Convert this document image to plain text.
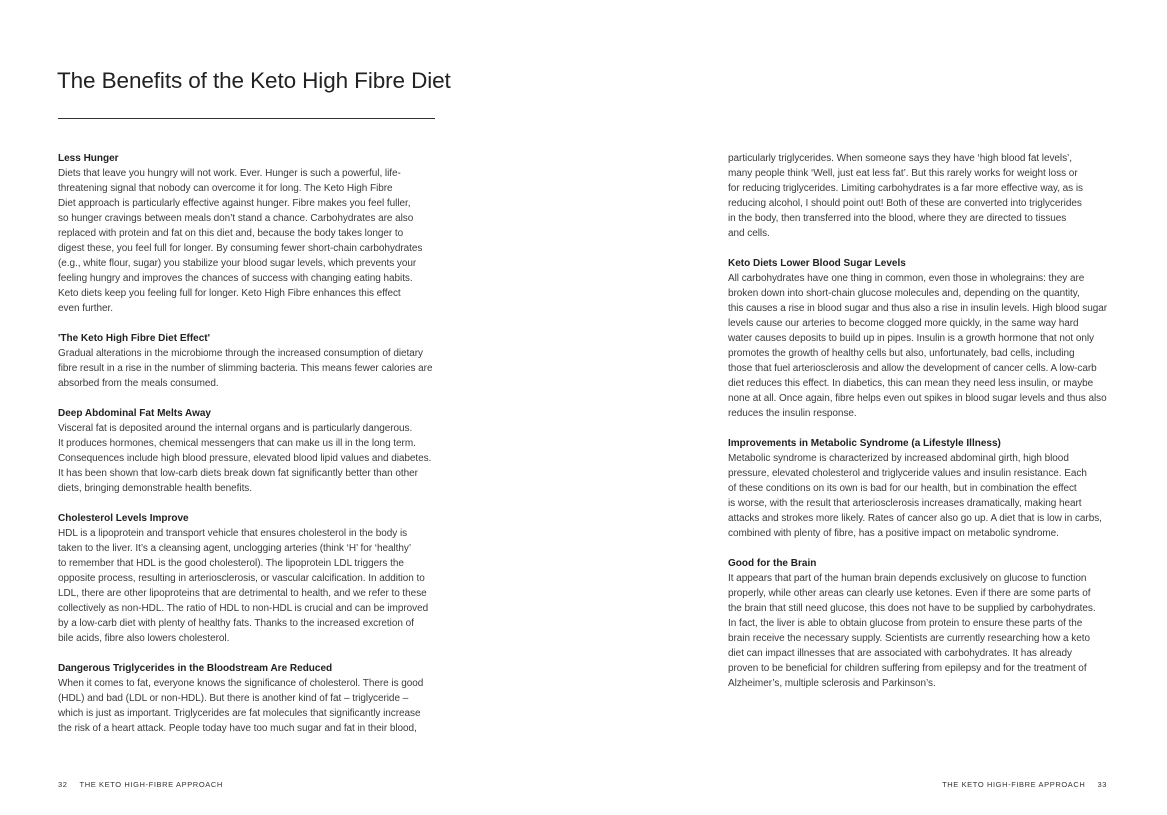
The Benefits of the Keto High Fibre Diet
Less Hunger
Diets that leave you hungry will not work. Ever. Hunger is such a powerful, life-
threatening signal that nobody can overcome it for long. The Keto High Fibre
Diet approach is particularly effective against hunger. Fibre makes you feel fuller,
so hunger cravings between meals don’t stand a chance. Carbohydrates are also
replaced with protein and fat on this diet and, because the body takes longer to
digest these, you feel full for longer. By consuming fewer short-chain carbohydrates
(e.g., white flour, sugar) you stabilize your blood sugar levels, which prevents your
feeling hungry and improves the chances of success with changing eating habits.
Keto diets keep you feeling full for longer. Keto High Fibre enhances this effect
even further.
'The Keto High Fibre Diet Effect'
Gradual alterations in the microbiome through the increased consumption of dietary
fibre result in a rise in the number of slimming bacteria. This means fewer calories are
absorbed from the meals consumed.
Deep Abdominal Fat Melts Away
Visceral fat is deposited around the internal organs and is particularly dangerous.
It produces hormones, chemical messengers that can make us ill in the long term.
Consequences include high blood pressure, elevated blood lipid values and diabetes.
It has been shown that low-carb diets break down fat significantly better than other
diets, bringing demonstrable health benefits.
Cholesterol Levels Improve
HDL is a lipoprotein and transport vehicle that ensures cholesterol in the body is
taken to the liver. It’s a cleansing agent, unclogging arteries (think ‘H’ for ‘healthy’
to remember that HDL is the good cholesterol). The lipoprotein LDL triggers the
opposite process, resulting in arteriosclerosis, or vascular calcification. In addition to
LDL, there are other lipoproteins that are detrimental to health, and we refer to these
collectively as non-HDL. The ratio of HDL to non-HDL is crucial and can be improved
by a low-carb diet with plenty of healthy fats. Thanks to the increased excretion of
bile acids, fibre also lowers cholesterol.
Dangerous Triglycerides in the Bloodstream Are Reduced
When it comes to fat, everyone knows the significance of cholesterol. There is good
(HDL) and bad (LDL or non-HDL). But there is another kind of fat – triglyceride –
which is just as important. Triglycerides are fat molecules that significantly increase
the risk of a heart attack. People today have too much sugar and fat in their blood,
particularly triglycerides. When someone says they have ‘high blood fat levels’,
many people think ‘Well, just eat less fat’. But this rarely works for weight loss or
for reducing triglycerides. Limiting carbohydrates is a far more effective way, as is
reducing alcohol, I should point out! Both of these are converted into triglycerides
in the body, then transferred into the blood, where they are directed to tissues
and cells.
Keto Diets Lower Blood Sugar Levels
All carbohydrates have one thing in common, even those in wholegrains: they are
broken down into short-chain glucose molecules and, depending on the quantity,
this causes a rise in blood sugar and thus also a rise in insulin levels. High blood sugar
levels cause our arteries to become clogged more quickly, in the same way hard
water causes deposits to build up in pipes. Insulin is a growth hormone that not only
promotes the growth of healthy cells but also, unfortunately, bad cells, including
those that fuel arteriosclerosis and allow the development of cancer cells. A low-carb
diet reduces this effect. In diabetics, this can mean they need less insulin, or maybe
none at all. Once again, fibre helps even out spikes in blood sugar levels and thus also
reduces the insulin response.
Improvements in Metabolic Syndrome (a Lifestyle Illness)
Metabolic syndrome is characterized by increased abdominal girth, high blood
pressure, elevated cholesterol and triglyceride values and insulin resistance. Each
of these conditions on its own is bad for our health, but in combination the effect
is worse, with the result that arteriosclerosis increases dramatically, making heart
attacks and strokes more likely. Rates of cancer also go up. A diet that is low in carbs,
combined with plenty of fibre, has a positive impact on metabolic syndrome.
Good for the Brain
It appears that part of the human brain depends exclusively on glucose to function
properly, while other areas can clearly use ketones. Even if there are some parts of
the brain that still need glucose, this does not have to be supplied by carbohydrates.
In fact, the liver is able to obtain glucose from protein to ensure these parts of the
brain receive the necessary supply. Scientists are currently researching how a keto
diet can impact illnesses that are associated with carbohydrates. It has already
proven to be beneficial for children suffering from epilepsy and for the treatment of
Alzheimer’s, multiple sclerosis and Parkinson’s.
32 THE KETO HIGH-FIBRE APPROACH	THE KETO HIGH-FIBRE APPROACH 33
